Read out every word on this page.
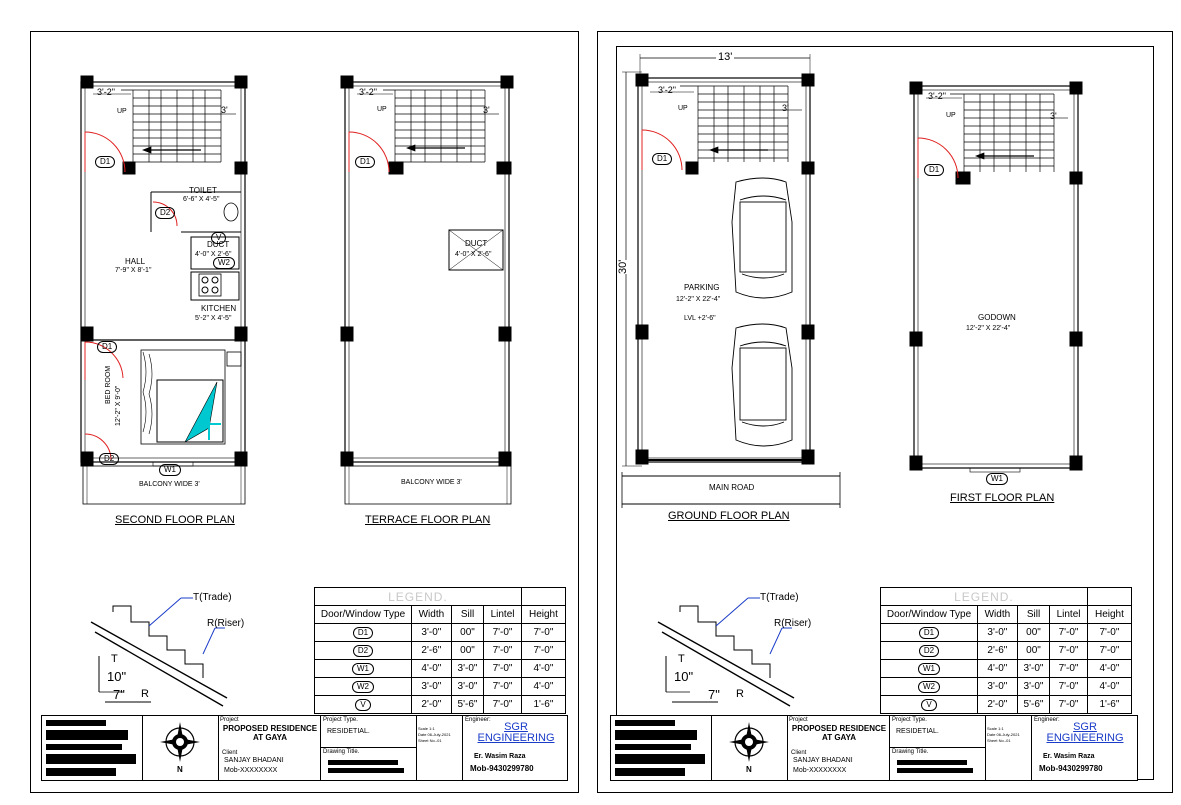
3'-2"
3'
UP
D1
TOILET
6'-6" X 4'-5"
D2
V
DUCT
4'-0" X 2'-6"
W2
HALL
7'-9" X 8'-1"
KITCHEN
5'-2" X 4'-5"
D1
BED ROOM
12'-2" X 9'-0"
D2
W1
BALCONY WIDE 3'
SECOND FLOOR PLAN
3'-2"
3'
UP
D1
DUCT
4'-0" X 2'-6"
BALCONY WIDE 3'
TERRACE FLOOR PLAN
T(Trade)
R(Riser)
T
10"
7" R
LEGEND.				
Door/Window Type	Width	Sill	Lintel	Height
D1	3'-0"	00"	7'-0"	7'-0"
D2	2'-6"	00"	7'-0"	7'-0"
W1	4'-0"	3'-0"	7'-0"	4'-0"
W2	3'-0"	3'-0"	7'-0"	4'-0"
V	2'-0"	5'-6"	7'-0"	1'-6"
N
Project
PROPOSED RESIDENCE AT GAYA
Client
SANJAY BHADANI
Mob-XXXXXXXX
Project Type.
RESIDETIAL.
Drawing Title.
Scale 1:1
Date 06-July-2021
Sheet No.-01
Engineer:
SGR ENGINEERING
Er. Wasim Raza
Mob-9430299780
13'
30'
3'-2"
3'
UP
D1
PARKING
12'-2" X 22'-4"
LVL +2'-6"
MAIN ROAD
GROUND FLOOR PLAN
3'-2"
3'
UP
D1
GODOWN
12'-2" X 22'-4"
W1
FIRST FLOOR PLAN
T(Trade)
R(Riser)
T
10"
7" R
LEGEND.				
Door/Window Type	Width	Sill	Lintel	Height
D1	3'-0"	00"	7'-0"	7'-0"
D2	2'-6"	00"	7'-0"	7'-0"
W1	4'-0"	3'-0"	7'-0"	4'-0"
W2	3'-0"	3'-0"	7'-0"	4'-0"
V	2'-0"	5'-6"	7'-0"	1'-6"
N
Project
PROPOSED RESIDENCE AT GAYA
Client
SANJAY BHADANI
Mob-XXXXXXXX
Project Type.
RESIDETIAL.
Drawing Title.
Scale 1:1
Date 06-July-2021
Sheet No.-01
Engineer:
SGR ENGINEERING
Er. Wasim Raza
Mob-9430299780
